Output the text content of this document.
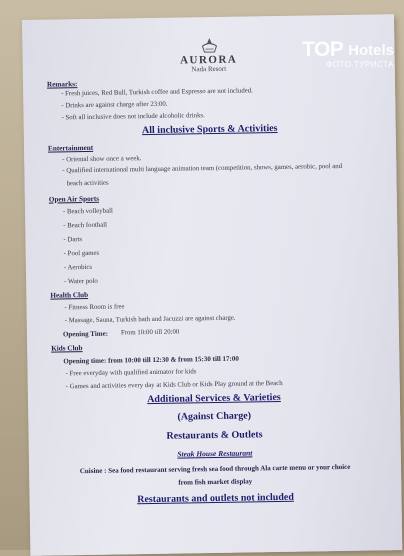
AURORA
Nada Resort
Remarks:
- Fresh juices, Red Bull, Turkish coffee and Espresso are not included.
- Drinks are against charge after 23:00.
- Soft all inclusive does not include alcoholic drinks.
All inclusive Sports & Activities
Entertainment
- Oriental show once a week.
- Qualified international multi language animation team (competition, shows, games, aerobic, pool and
beach activities
Open Air Sports
- Beach volleyball
- Beach football
- Darts
- Pool games
- Aerobics
- Water polo
Health Club
- Fitness Room is free
- Massage, Sauna, Turkish bath and Jacuzzi are against charge.
Opening Time: From 10:00 till 20:00
Kids Club
Opening time: from 10:00 till 12:30 & from 15:30 till 17:00
- Free everyday with qualified animator for kids
- Games and activities every day at Kids Club or Kids Play ground at the Beach
Additional Services & Varieties
(Against Charge)
Restaurants & Outlets
Steak House Restaurant
Cuisine : Sea food restaurant serving fresh sea food through Ala carte menu or your choice
from fish market display
Restaurants and outlets not included
TOP Hotels
ФОТО ТУРИСТА
